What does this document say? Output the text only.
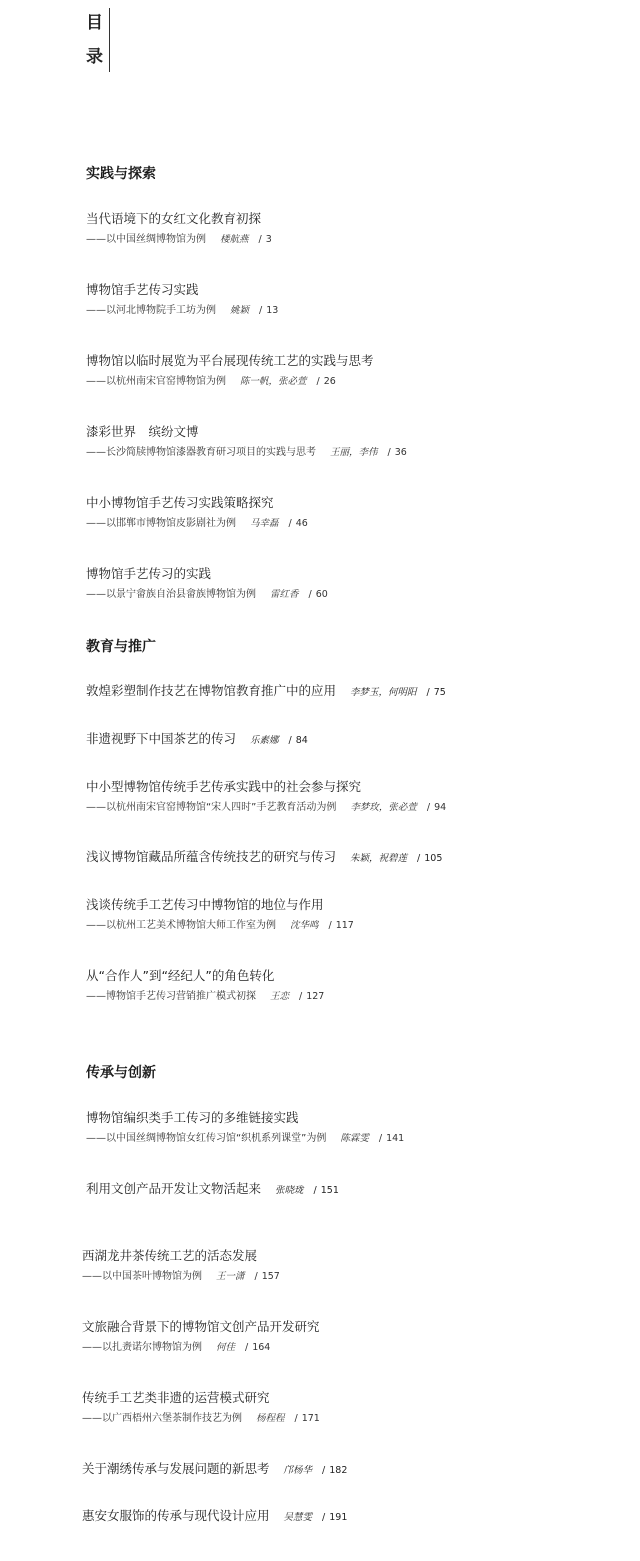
目
录
实践与探索
当代语境下的女红文化教育初探
——以中国丝绸博物馆为例 楼航燕 / 3
博物馆手艺传习实践
——以河北博物院手工坊为例 姚颖 / 13
博物馆以临时展览为平台展现传统工艺的实践与思考
——以杭州南宋官窑博物馆为例 陈一帆，张必萱 / 26
漆彩世界　缤纷文博
——长沙简牍博物馆漆器教育研习项目的实践与思考 王丽，李伟 / 36
中小博物馆手艺传习实践策略探究
——以邯郸市博物馆皮影剧社为例 马幸磊 / 46
博物馆手艺传习的实践
——以景宁畲族自治县畲族博物馆为例 雷红香 / 60
教育与推广
敦煌彩塑制作技艺在博物馆教育推广中的应用 李梦玉，何明阳 / 75
非遗视野下中国茶艺的传习 乐素娜 / 84
中小型博物馆传统手艺传承实践中的社会参与探究
——以杭州南宋官窑博物馆“宋人四时”手艺教育活动为例 李梦玫，张必萱 / 94
浅议博物馆藏品所蕴含传统技艺的研究与传习 朱颖，祝碧莲 / 105
浅谈传统手工艺传习中博物馆的地位与作用
——以杭州工艺美术博物馆大师工作室为例 沈华鸣 / 117
从“合作人”到“经纪人”的角色转化
——博物馆手艺传习营销推广模式初探 王恋 / 127
传承与创新
博物馆编织类手工传习的多维链接实践
——以中国丝绸博物馆女红传习馆“织机系列课堂”为例 陈霖雯 / 141
利用文创产品开发让文物活起来 张晓珑 / 151
西湖龙井茶传统工艺的活态发展
——以中国茶叶博物馆为例 王一潇 / 157
文旅融合背景下的博物馆文创产品开发研究
——以扎赉诺尔博物馆为例 何佳 / 164
传统手工艺类非遗的运营模式研究
——以广西梧州六堡茶制作技艺为例 杨程程 / 171
关于潮绣传承与发展问题的新思考 邝杨华 / 182
惠安女服饰的传承与现代设计应用 吴慧雯 / 191
